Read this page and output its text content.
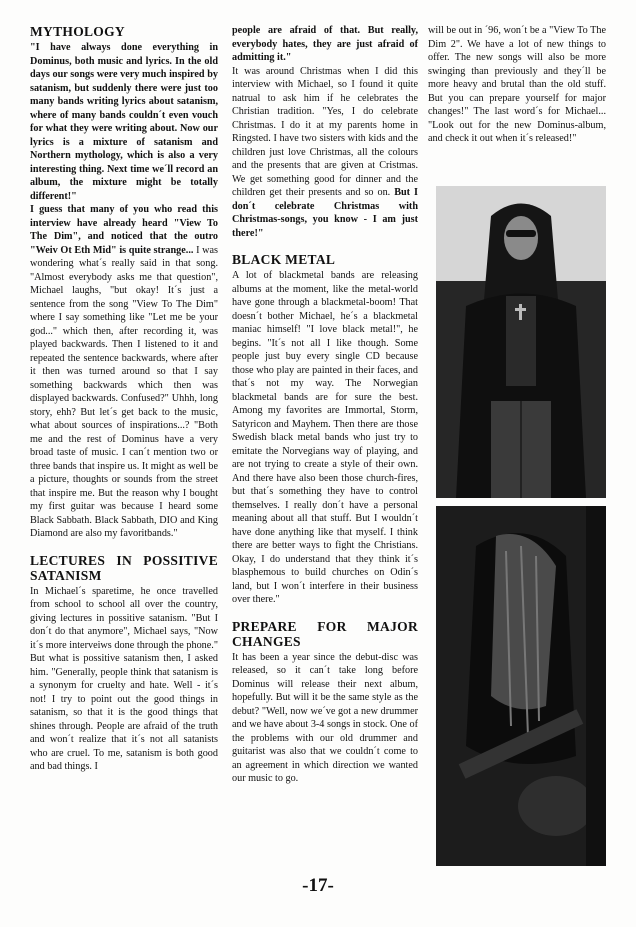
MYTHOLOGY

"I have always done everything in Dominus, both music and lyrics. In the old days our songs were very much inspired by satanism, but suddenly there were just too many bands writing lyrics about satanism, where of many bands couldn´t even vouch for what they were writing about. Now our lyrics is a mixture of satanism and Northern mythology, which is also a very interesting thing. Next time we´ll record an album, the mixture might be totally different!"

I guess that many of you who read this interview have already heard "View To The Dim", and noticed that the outro "Weiv Ot Eth Mid" is quite strange... I was wondering what´s really said in that song. "Almost everybody asks me that question", Michael laughs, "but okay! It´s just a sentence from the song "View To The Dim" where I say something like "Let me be your god..." which then, after recording it, was played backwards. Then I listened to it and repeated the sentence backwards, where after it then was turned around so that I say something backwards which then was displayed backwards. Confused?" Uhhh, long story, ehh? But let´s get back to the music, what about sources of inspirations...? "Both me and the rest of Dominus have a very broad taste of music. I can´t mention two or three bands that inspire us. It might as well be a picture, thoughts or sounds from the street that inspire me. But the reason why I bought my first guitar was because I heard some Black Sabbath. Black Sabbath, DIO and King Diamond are also my favoritbands."

LECTURES IN POSSITIVE SATANISM

In Michael´s sparetime, he once travelled from school to school all over the country, giving lectures in possitive satanism. "But I don´t do that anymore", Michael says, "Now it´s more interveiws done through the phone." But what is possitive satanism then, I asked him. "Generally, people think that satanism is a synonym for cruelty and hate. Well - it´s not! I try to point out the good things in satanism, so that it is the good things that shines through. People are afraid of the truth and won´t realize that it´s not all satanists who are cruel. To me, satanism is both good and bad things. I

people are afraid of that. But really, everybody hates, they are just afraid of admitting it."

It was around Christmas when I did this interview with Michael, so I found it quite natrual to ask him if he celebrates the Christian tradition. "Yes, I do celebrate Christmas. I do it at my parents home in Ringsted. I have two sisters with kids and the children just love Christmas, all the colours and the presents that are given at Cristmas. We get something good for dinner and the children get their presents and so on. But I don´t celebrate Christmas with Christmas-songs, you know - I am just there!"

BLACK METAL

A lot of blackmetal bands are releasing albums at the moment, like the metal-world have gone through a blackmetal-boom! That doesn´t bother Michael, he´s a blackmetal maniac himself! "I love black metal!", he begins. "It´s not all I like though. Some people just buy every single CD because those who play are painted in their faces, and that´s not my way. The Norwegian blackmetal bands are for sure the best. Among my favorites are Immortal, Storm, Satyricon and Mayhem. Then there are those Swedish black metal bands who just try to emitate the Norvegians way of playing, and are not trying to create a style of their own. And there have also been those church-fires, but that´s something they have to control themselves. I really don´t have a personal meaning about all that stuff. But I wouldn´t have done anything like that myself. I think there are better ways to fight the Christians. Okay, I do understand that they think it´s blasphemous to build churches on Odin´s land, but I won´t interfere in their business over there."

PREPARE FOR MAJOR CHANGES

It has been a year since the debut-disc was released, so it can´t take long before Dominus will release their next album, hopefully. But will it be the same style as the debut? "Well, now we´ve got a new drummer and we have about 3-4 songs in stock. One of the problems with our old drummer and guitarist was also that we couldn´t come to an agreement in which direction we wanted our music to go.

will be out in ´96, won´t be a "View To The Dim 2". We have a lot of new things to offer. The new songs will also be more swinging than previously and they´ll be more heavy and brutal than the old stuff. But you can prepare yourself for major changes!" The last word´s for Michael... "Look out for the new Dominus-album, and check it out when it´s released!"

-17-
